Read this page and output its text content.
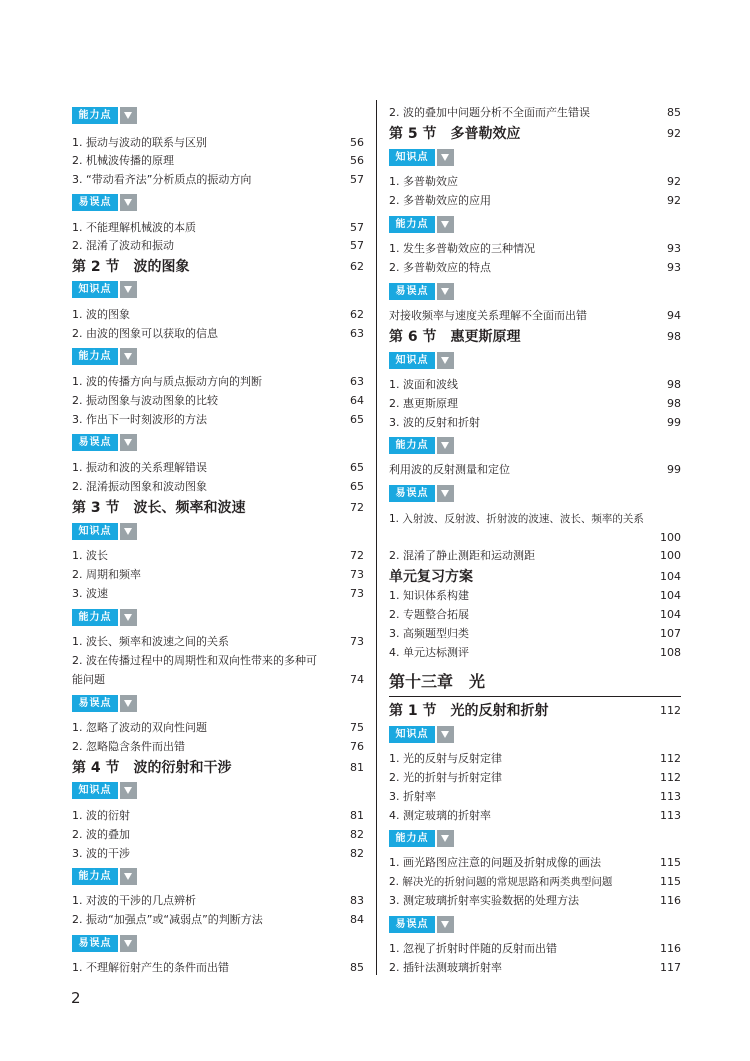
能力点
1. 振动与波动的联系与区别	56
2. 机械波传播的原理	56
3. “带动看齐法”分析质点的振动方向	57
易误点
1. 不能理解机械波的本质	57
2. 混淆了波动和振动	57
第 2 节　波的图象	62
知识点
1. 波的图象	62
2. 由波的图象可以获取的信息	63
能力点
1. 波的传播方向与质点振动方向的判断	63
2. 振动图象与波动图象的比较	64
3. 作出下一时刻波形的方法	65
易误点
1. 振动和波的关系理解错误	65
2. 混淆振动图象和波动图象	65
第 3 节　波长、频率和波速	72
知识点
1. 波长	72
2. 周期和频率	73
3. 波速	73
能力点
1. 波长、频率和波速之间的关系	73
2. 波在传播过程中的周期性和双向性带来的多种可
能问题	74
易误点
1. 忽略了波动的双向性问题	75
2. 忽略隐含条件而出错	76
第 4 节　波的衍射和干涉	81
知识点
1. 波的衍射	81
2. 波的叠加	82
3. 波的干涉	82
能力点
1. 对波的干涉的几点辨析	83
2. 振动“加强点”或“减弱点”的判断方法	84
易误点
1. 不理解衍射产生的条件而出错	85
2. 波的叠加中问题分析不全面而产生错误	85
第 5 节　多普勒效应	92
知识点
1. 多普勒效应	92
2. 多普勒效应的应用	92
能力点
1. 发生多普勒效应的三种情况	93
2. 多普勒效应的特点	93
易误点
对接收频率与速度关系理解不全面而出错	94
第 6 节　惠更斯原理	98
知识点
1. 波面和波线	98
2. 惠更斯原理	98
3. 波的反射和折射	99
能力点
利用波的反射测量和定位	99
易误点
1. 入射波、反射波、折射波的波速、波长、频率的关系
100
2. 混淆了静止测距和运动测距	100
单元复习方案	104
1. 知识体系构建	104
2. 专题整合拓展	104
3. 高频题型归类	107
4. 单元达标测评	108
第十三章　光
第 1 节　光的反射和折射	112
知识点
1. 光的反射与反射定律	112
2. 光的折射与折射定律	112
3. 折射率	113
4. 测定玻璃的折射率	113
能力点
1. 画光路图应注意的问题及折射成像的画法	115
2. 解决光的折射问题的常规思路和两类典型问题	115
3. 测定玻璃折射率实验数据的处理方法	116
易误点
1. 忽视了折射时伴随的反射而出错	116
2. 插针法测玻璃折射率	117
2
